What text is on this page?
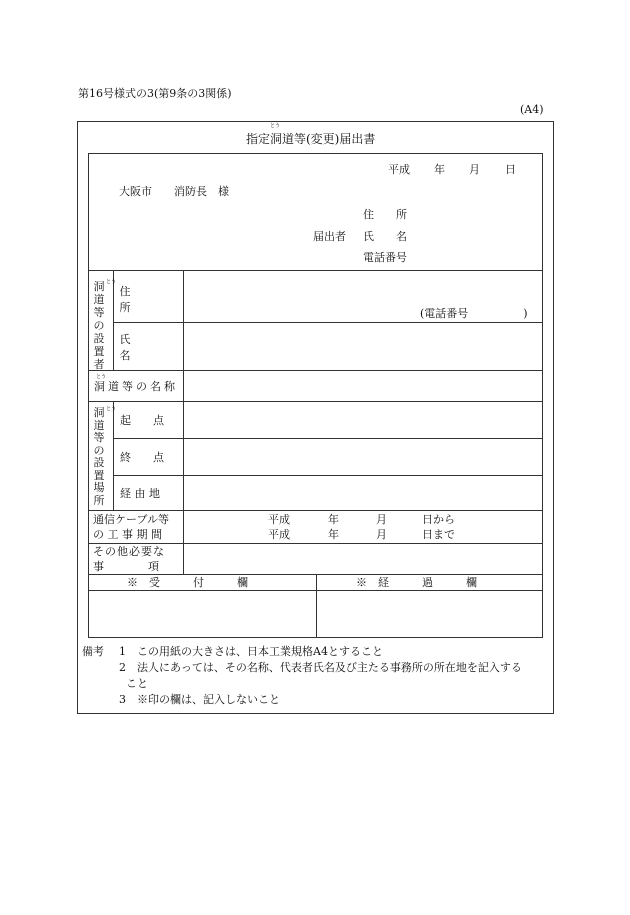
第16号様式の3(第9条の3関係)
(A4)
指定洞道等(変更)届出書
とう
平成 年 月 日
大阪市　　消防長　様
住　　所
届出者 氏　　名
電話番号
洞道等の設置者
とう
住所	(電話番号　　　　　)
氏名
とう
洞道等の名称
洞道等の設置場所
とう
起　　点
終　　点
経 由 地
通信ケーブル等
の 工 事 期 間
平成	年	月	日から
平成	年	月	日まで
その他必要な
事　　　　項
※　受　　　付　　　欄	※　経　　　過　　　欄
備考 1 この用紙の大きさは、日本工業規格A4とすること
2 法人にあっては、その名称、代表者氏名及び主たる事務所の所在地を記入する
こと
3 ※印の欄は、記入しないこと
